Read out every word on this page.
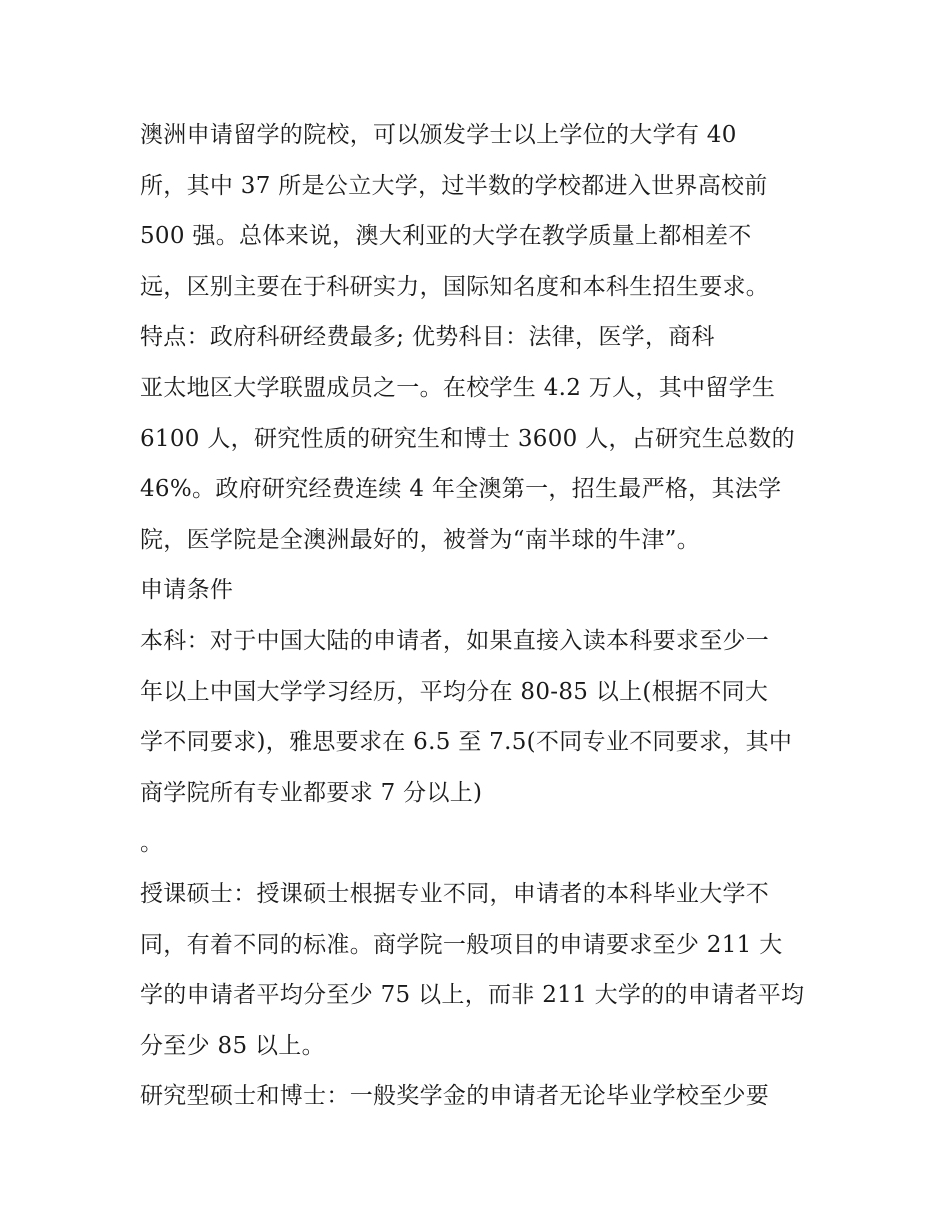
澳洲申请留学的院校，可以颁发学士以上学位的大学有 40
所，其中 37 所是公立大学，过半数的学校都进入世界高校前
500 强。总体来说，澳大利亚的大学在教学质量上都相差不
远，区别主要在于科研实力，国际知名度和本科生招生要求。
特点：政府科研经费最多; 优势科目：法律，医学，商科
亚太地区大学联盟成员之一。在校学生 4.2 万人，其中留学生
6100 人，研究性质的研究生和博士 3600 人，占研究生总数的
46%。政府研究经费连续 4 年全澳第一，招生最严格，其法学
院，医学院是全澳洲最好的，被誉为“南半球的牛津”。
申请条件
本科：对于中国大陆的申请者，如果直接入读本科要求至少一
年以上中国大学学习经历，平均分在 80-85 以上(根据不同大
学不同要求)，雅思要求在 6.5 至 7.5(不同专业不同要求，其中
商学院所有专业都要求 7 分以上)
。
授课硕士：授课硕士根据专业不同，申请者的本科毕业大学不
同，有着不同的标准。商学院一般项目的申请要求至少 211 大
学的申请者平均分至少 75 以上，而非 211 大学的的申请者平均
分至少 85 以上。
研究型硕士和博士：一般奖学金的申请者无论毕业学校至少要
